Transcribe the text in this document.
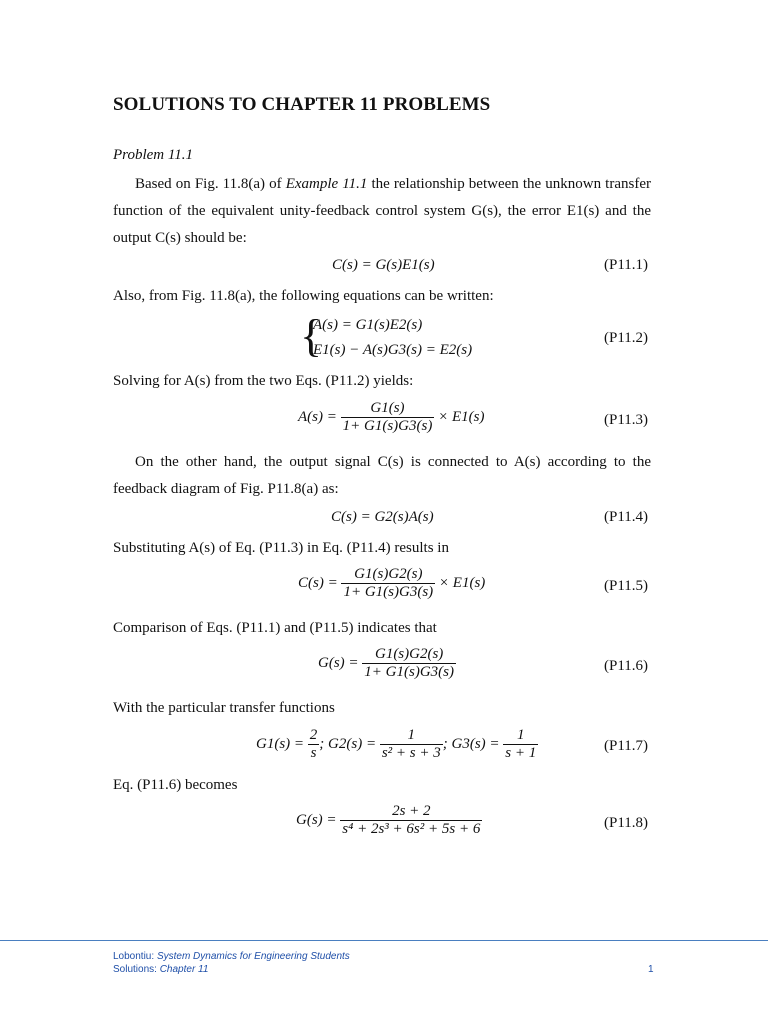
SOLUTIONS TO CHAPTER 11 PROBLEMS
Problem 11.1
Based on Fig. 11.8(a) of Example 11.1 the relationship between the unknown transfer function of the equivalent unity-feedback control system G(s), the error E1(s) and the output C(s) should be:
C(s) = G(s)E1(s)	(P11.1)
Also, from Fig. 11.8(a), the following equations can be written:
{
A(s) = G1(s)E2(s)
E1(s) − A(s)G3(s) = E2(s)
(P11.2)
Solving for A(s) from the two Eqs. (P11.2) yields:
$A(s) = \frac{G1(s)}{1+ G1(s)G3(s)} \times E1(s)$	(P11.3)
On the other hand, the output signal C(s) is connected to A(s) according to the feedback diagram of Fig. P11.8(a) as:
C(s) = G2(s)A(s)	(P11.4)
Substituting A(s) of Eq. (P11.3) in Eq. (P11.4) results in
$C(s) = \frac{G1(s)G2(s)}{1+ G1(s)G3(s)} \times E1(s)$	(P11.5)
Comparison of Eqs. (P11.1) and (P11.5) indicates that
$G(s) = \frac{G1(s)G2(s)}{1+ G1(s)G3(s)}$	(P11.6)
With the particular transfer functions
$G1(s) = \frac{2}{s}$ ; $G2(s) = \frac{1}{\text{s² + s + 3}}$ ; $G3(s) = \frac{1}{s + 1}$	(P11.7)
Eq. (P11.6) becomes
$G(s) = \frac{2s + 2}{\text{s⁴ + 2s³ + 6s² + 5s + 6}}$	(P11.8)
Lobontiu: System Dynamics for Engineering Students
Solutions: Chapter 11	1
